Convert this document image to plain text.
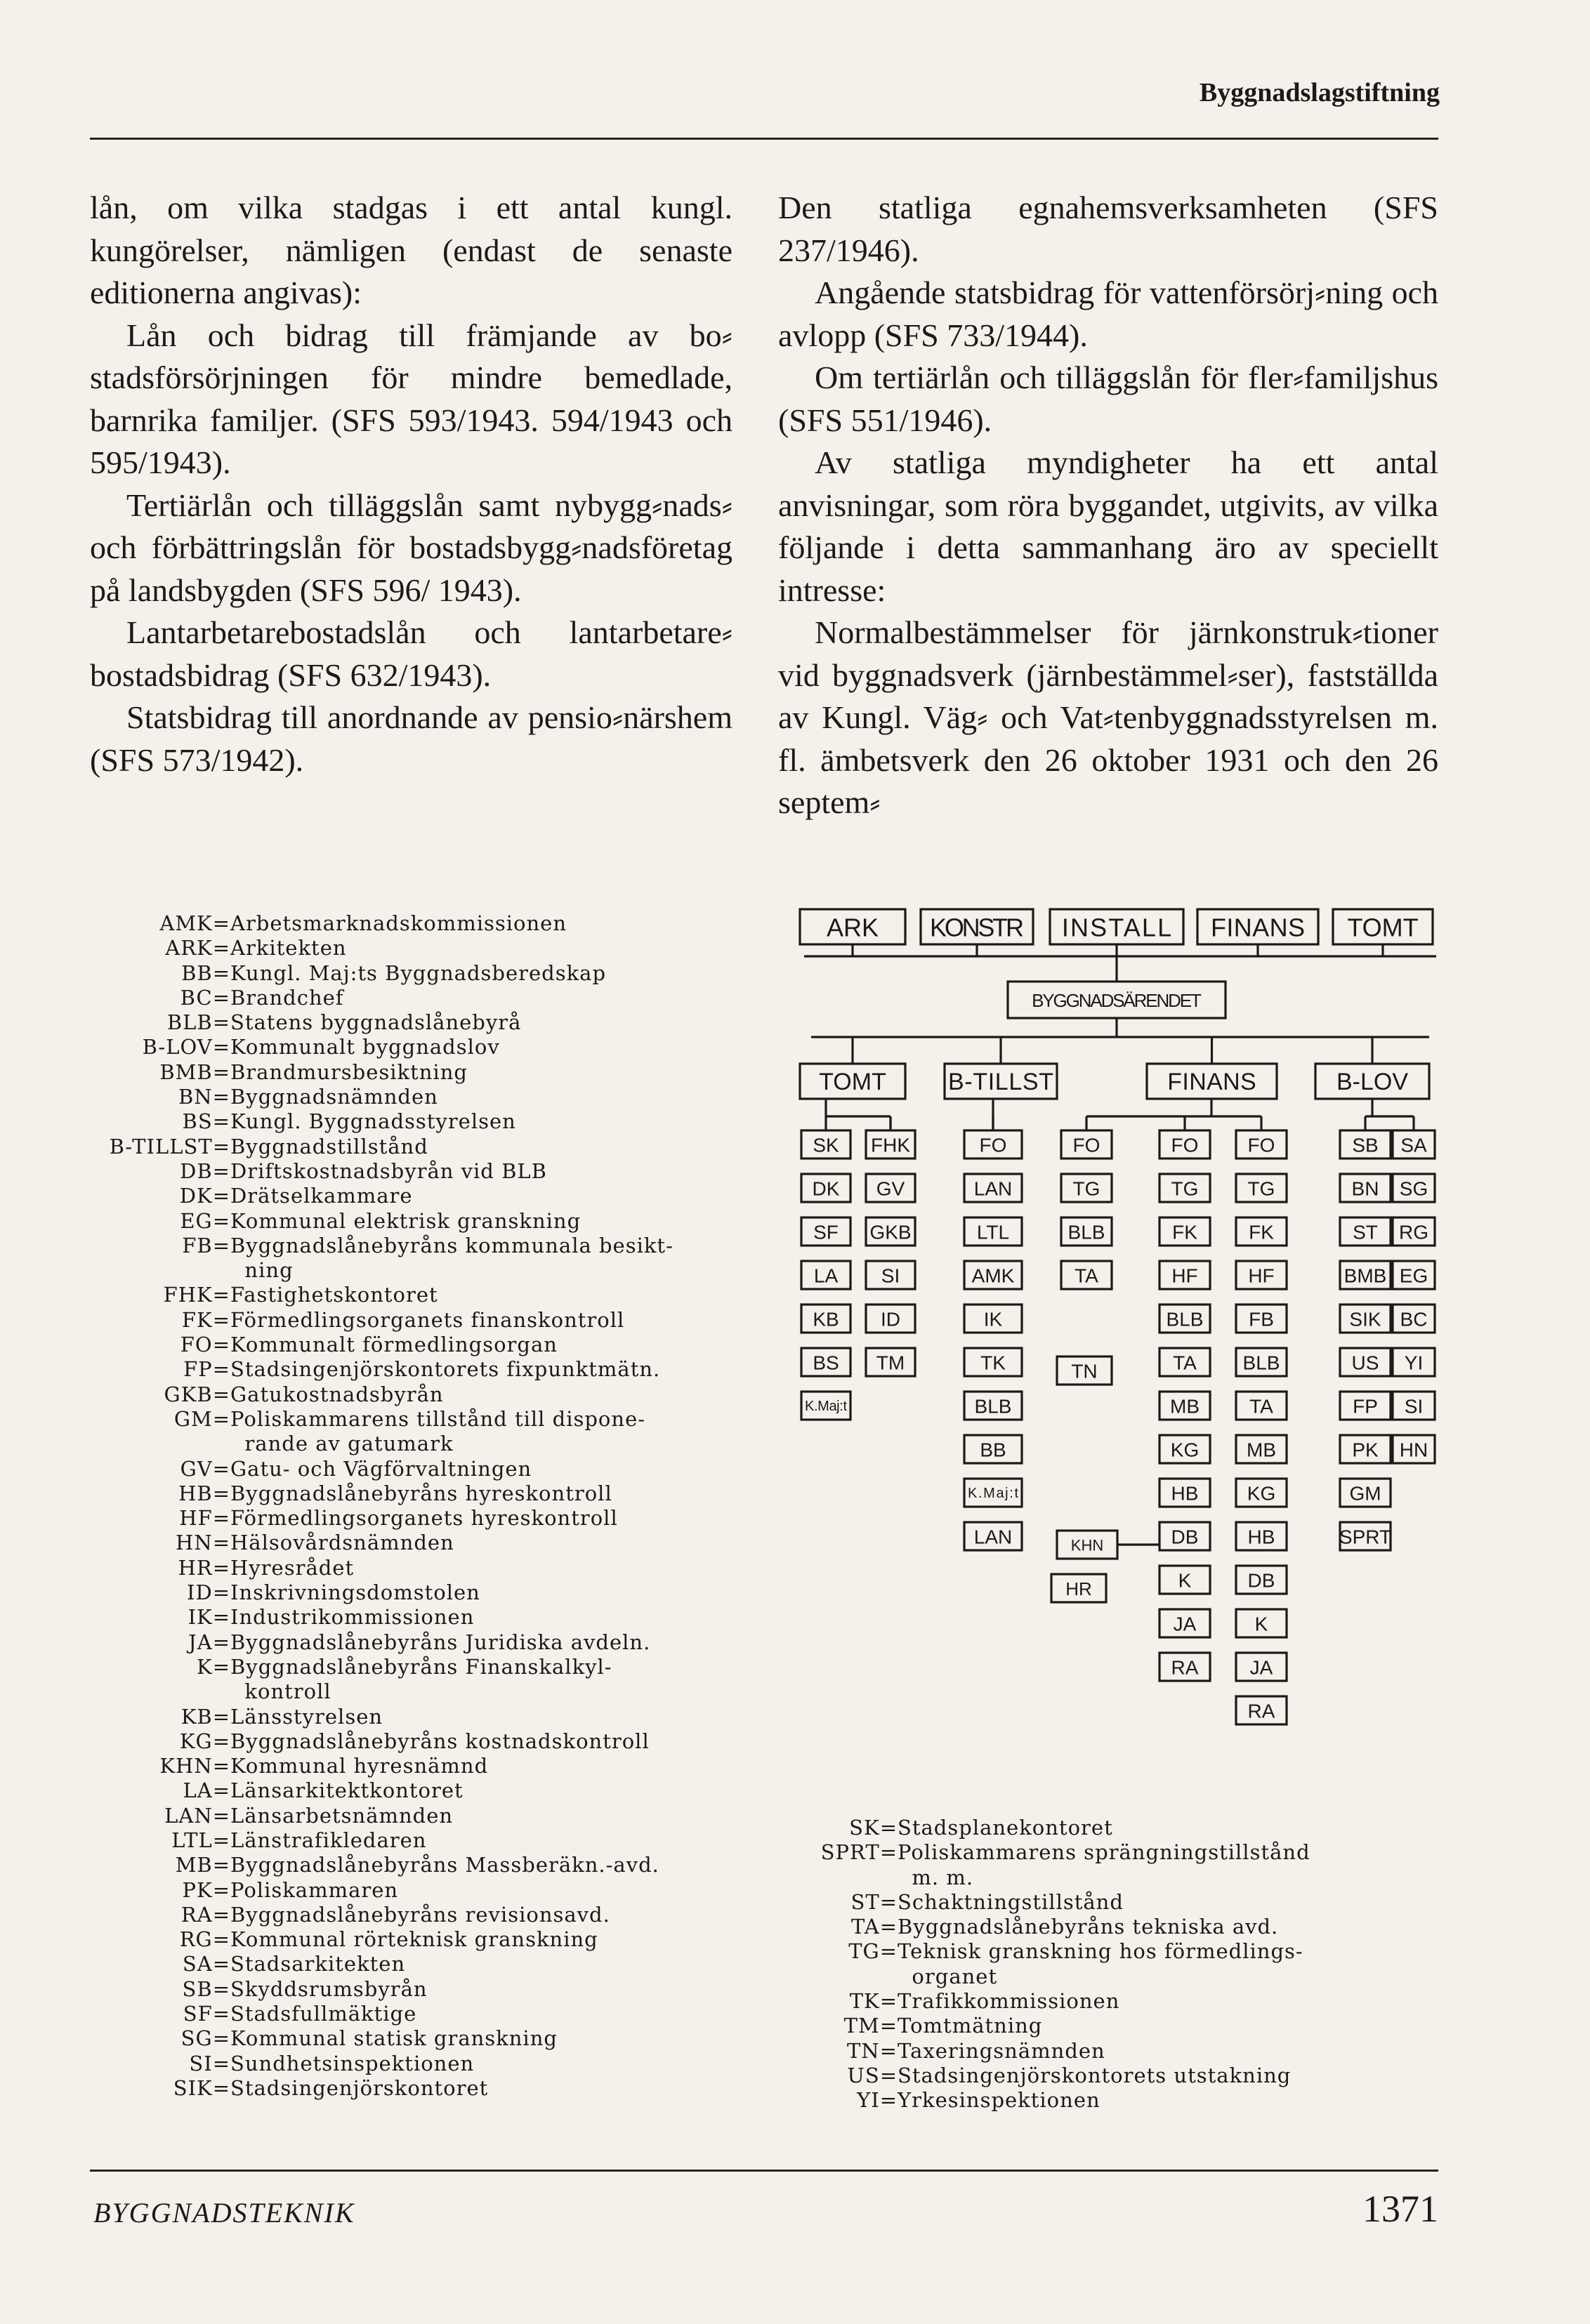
Byggnadslagstiftning

lån, om vilka stadgas i ett antal kungl. kungörelser, nämligen (endast de senaste editionerna angivas):

Lån och bidrag till främjande av bo⸗stadsförsörjningen för mindre bemedlade, barnrika familjer. (SFS 593/1943. 594/1943 och 595/1943).

Tertiärlån och tilläggslån samt nybygg⸗nads⸗ och förbättringslån för bostadsbygg⸗nadsföretag på landsbygden (SFS 596/ 1943).

Lantarbetarebostadslån och lantarbetare⸗bostadsbidrag (SFS 632/1943).

Statsbidrag till anordnande av pensio⸗närshem (SFS 573/1942).

Den statliga egnahemsverksamheten (SFS 237/1946).

Angående statsbidrag för vattenförsörj⸗ning och avlopp (SFS 733/1944).

Om tertiärlån och tilläggslån för fler⸗familjshus (SFS 551/1946).

Av statliga myndigheter ha ett antal anvisningar, som röra byggandet, utgivits, av vilka följande i detta sammanhang äro av speciellt intresse:

Normalbestämmelser för järnkonstruk⸗tioner vid byggnadsverk (järnbestämmel⸗ser), fastställda av Kungl. Väg⸗ och Vat⸗tenbyggnadsstyrelsen m. fl. ämbetsverk den 26 oktober 1931 och den 26 septem⸗

AMK= Arbetsmarknadskommissionen
ARK= Arkitekten
BB= Kungl. Maj:ts Byggnadsberedskap
BC= Brandchef
BLB= Statens byggnadslånebyrå
B-LOV= Kommunalt byggnadslov
BMB= Brandmursbesiktning
BN= Byggnadsnämnden
BS= Kungl. Byggnadsstyrelsen
B-TILLST= Byggnadstillstånd
DB= Driftskostnadsbyrån vid BLB
DK= Drätselkammare
EG= Kommunal elektrisk granskning
FB= Byggnadslånebyråns kommunala besikt-
ning
FHK= Fastighetskontoret
FK= Förmedlingsorganets finanskontroll
FO= Kommunalt förmedlingsorgan
FP= Stadsingenjörskontorets fixpunktmätn.
GKB= Gatukostnadsbyrån
GM= Poliskammarens tillstånd till dispone-
rande av gatumark
GV= Gatu- och Vägförvaltningen
HB= Byggnadslånebyråns hyreskontroll
HF= Förmedlingsorganets hyreskontroll
HN= Hälsovårdsnämnden
HR= Hyresrådet
ID= Inskrivningsdomstolen
IK= Industrikommissionen
JA= Byggnadslånebyråns Juridiska avdeln.
K= Byggnadslånebyråns Finanskalkyl-
kontroll
KB= Länsstyrelsen
KG= Byggnadslånebyråns kostnadskontroll
KHN= Kommunal hyresnämnd
LA= Länsarkitektkontoret
LAN= Länsarbetsnämnden
LTL= Länstrafikledaren
MB= Byggnadslånebyråns Massberäkn.-avd.
PK= Poliskammaren
RA= Byggnadslånebyråns revisionsavd.
RG= Kommunal rörteknisk granskning
SA= Stadsarkitekten
SB= Skyddsrumsbyrån
SF= Stadsfullmäktige
SG= Kommunal statisk granskning
SI= Sundhetsinspektionen
SIK= Stadsingenjörskontoret
SK= Stadsplanekontoret
SPRT= Poliskammarens sprängningstillstånd
m. m.
ST= Schaktningstillstånd
TA= Byggnadslånebyråns tekniska avd.
TG= Teknisk granskning hos förmedlings-
organet
TK= Trafikkommissionen
TM= Tomtmätning
TN= Taxeringsnämnden
US= Stadsingenjörskontorets utstakning
YI= Yrkesinspektionen
ARK KONSTR INSTALL FINANS TOMT
BYGGNADSÄRENDET
TOMT	B-TILLST	FINANS	B-LOV
SK
DK
SF
LA
KB
BS
K.Maj:t
FHK
GV
GKB
SI
ID
TM
FO
LAN
LTL
AMK
IK
TK
BLB
BB
K.Maj:t
LAN
FO
TG
BLB
TA
FO
TG
FK
HF
BLB
TA
MB
KG
HB
DB
K
JA
RA
FO
TG
FK
HF
FB
BLB
TA
MB
KG
HB
DB
K
JA
RA
SB
BN
ST
BMB
SIK
US
FP
PK
GM
SPRT
SA
SG
RG
EG
BC
YI
SI
HN
TN
KHN
HR
BYGGNADSTEKNIK	1371
